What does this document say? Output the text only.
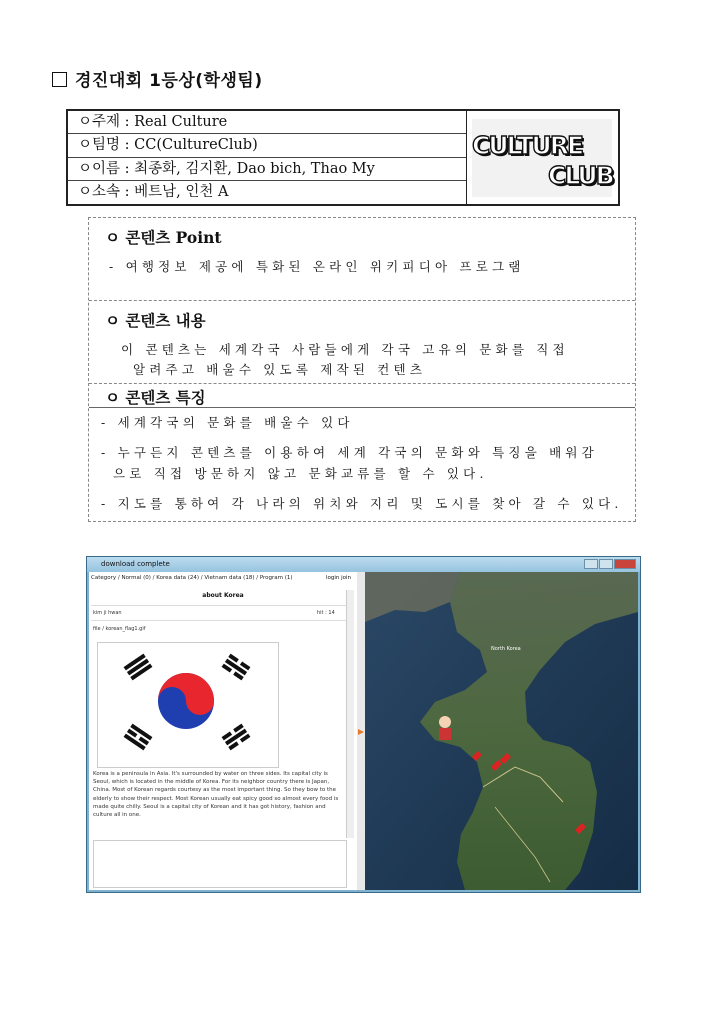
경진대회 1등상(학생팀)
ㅇ주제 : Real Culture
ㅇ팀명 : CC(CultureClub)
ㅇ이름 : 최종화, 김지환, Dao bich, Thao My
ㅇ소속 : 베트남, 인천 A
CULTURE
CLUB
ㅇ 콘텐츠 Point
- 여행정보 제공에 특화된 온라인 위키피디아 프로그램
ㅇ 콘텐츠 내용
이 콘텐츠는 세계각국 사람들에게 각국 고유의 문화를 직접
알려주고 배울수 있도록 제작된 컨텐츠
ㅇ 콘텐츠 특징
- 세계각국의 문화를 배울수 있다
- 누구든지 콘텐츠를 이용하여 세계 각국의 문화와 특징을 배워감
으로 직접 방문하지 않고 문화교류를 할 수 있다.
- 지도를 통하여 각 나라의 위치와 지리 및 도시를 찾아 갈 수 있다.
download complete
Category / Normal (0) / Korea data (24) / Vietnam data (18) / Program (1)	login join
about Korea
kim ji hwan	hit : 14
file / korean_flag1.gif
Korea is a peninsula in Asia. It's surrounded by water on three sides. Its capital city is Seoul, which is located in the middle of Korea. For its neighbor country there is Japan, China. Most of Korean regards courtesy as the most important thing. So they bow to the elderly to show their respect. Most Korean usually eat spicy good so almost every food is made quite chilly. Seoul is a capital city of Korean and it has got history, fashion and culture all in one.
North Korea
